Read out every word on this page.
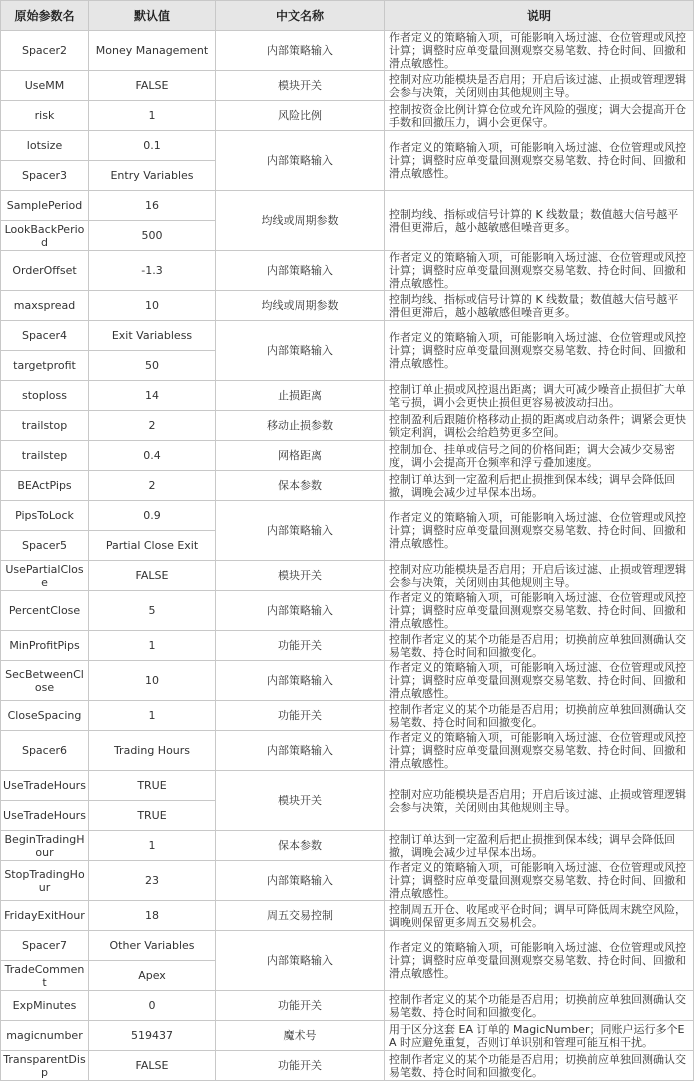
原始参数名	默认值	中文名称	说明
Spacer2	Money Management	内部策略输入	作者定义的策略输入项，可能影响入场过滤、仓位管理或风控计算；调整时应单变量回测观察交易笔数、持仓时间、回撤和滑点敏感性。
UseMM	FALSE	模块开关	控制对应功能模块是否启用；开启后该过滤、止损或管理逻辑会参与决策，关闭则由其他规则主导。
risk	1	风险比例	控制按资金比例计算仓位或允许风险的强度；调大会提高开仓手数和回撤压力，调小会更保守。
lotsize	0.1	内部策略输入	作者定义的策略输入项，可能影响入场过滤、仓位管理或风控计算；调整时应单变量回测观察交易笔数、持仓时间、回撤和滑点敏感性。
Spacer3	Entry Variables		
SamplePeriod	16	均线或周期参数	控制均线、指标或信号计算的 K 线数量；数值越大信号越平滑但更滞后，越小越敏感但噪音更多。
LookBackPeriod	500		
OrderOffset	-1.3	内部策略输入	作者定义的策略输入项，可能影响入场过滤、仓位管理或风控计算；调整时应单变量回测观察交易笔数、持仓时间、回撤和滑点敏感性。
maxspread	10	均线或周期参数	控制均线、指标或信号计算的 K 线数量；数值越大信号越平滑但更滞后，越小越敏感但噪音更多。
Spacer4	Exit Variabless	内部策略输入	作者定义的策略输入项，可能影响入场过滤、仓位管理或风控计算；调整时应单变量回测观察交易笔数、持仓时间、回撤和滑点敏感性。
targetprofit	50		
stoploss	14	止损距离	控制订单止损或风控退出距离；调大可减少噪音止损但扩大单笔亏损，调小会更快止损但更容易被波动扫出。
trailstop	2	移动止损参数	控制盈利后跟随价格移动止损的距离或启动条件；调紧会更快锁定利润，调松会给趋势更多空间。
trailstep	0.4	网格距离	控制加仓、挂单或信号之间的价格间距；调大会减少交易密度，调小会提高开仓频率和浮亏叠加速度。
BEActPips	2	保本参数	控制订单达到一定盈利后把止损推到保本线；调早会降低回撤，调晚会减少过早保本出场。
PipsToLock	0.9	内部策略输入	作者定义的策略输入项，可能影响入场过滤、仓位管理或风控计算；调整时应单变量回测观察交易笔数、持仓时间、回撤和滑点敏感性。
Spacer5	Partial Close Exit		
UsePartialClose	FALSE	模块开关	控制对应功能模块是否启用；开启后该过滤、止损或管理逻辑会参与决策，关闭则由其他规则主导。
PercentClose	5	内部策略输入	作者定义的策略输入项，可能影响入场过滤、仓位管理或风控计算；调整时应单变量回测观察交易笔数、持仓时间、回撤和滑点敏感性。
MinProfitPips	1	功能开关	控制作者定义的某个功能是否启用；切换前应单独回测确认交易笔数、持仓时间和回撤变化。
SecBetweenClose	10	内部策略输入	作者定义的策略输入项，可能影响入场过滤、仓位管理或风控计算；调整时应单变量回测观察交易笔数、持仓时间、回撤和滑点敏感性。
CloseSpacing	1	功能开关	控制作者定义的某个功能是否启用；切换前应单独回测确认交易笔数、持仓时间和回撤变化。
Spacer6	Trading Hours	内部策略输入	作者定义的策略输入项，可能影响入场过滤、仓位管理或风控计算；调整时应单变量回测观察交易笔数、持仓时间、回撤和滑点敏感性。
UseTradeHours	TRUE	模块开关	控制对应功能模块是否启用；开启后该过滤、止损或管理逻辑会参与决策，关闭则由其他规则主导。
UseTradeHours	TRUE		
BeginTradingHour	1	保本参数	控制订单达到一定盈利后把止损推到保本线；调早会降低回撤，调晚会减少过早保本出场。
StopTradingHour	23	内部策略输入	作者定义的策略输入项，可能影响入场过滤、仓位管理或风控计算；调整时应单变量回测观察交易笔数、持仓时间、回撤和滑点敏感性。
FridayExitHour	18	周五交易控制	控制周五开仓、收尾或平仓时间；调早可降低周末跳空风险，调晚则保留更多周五交易机会。
Spacer7	Other Variables	内部策略输入	作者定义的策略输入项，可能影响入场过滤、仓位管理或风控计算；调整时应单变量回测观察交易笔数、持仓时间、回撤和滑点敏感性。
TradeComment	Apex		
ExpMinutes	0	功能开关	控制作者定义的某个功能是否启用；切换前应单独回测确认交易笔数、持仓时间和回撤变化。
magicnumber	519437	魔术号	用于区分这套 EA 订单的 MagicNumber；同账户运行多个EA 时应避免重复，否则订单识别和管理可能互相干扰。
TransparentDisp	FALSE	功能开关	控制作者定义的某个功能是否启用；切换前应单独回测确认交易笔数、持仓时间和回撤变化。
